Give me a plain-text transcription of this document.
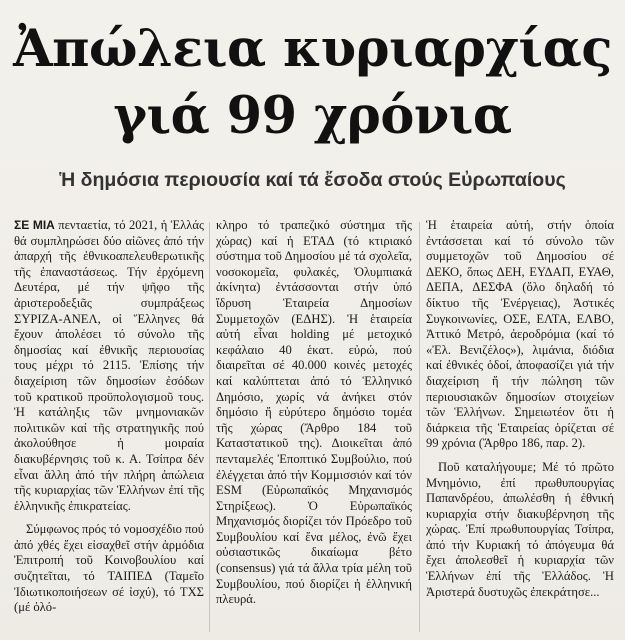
Ἀπώλεια κυριαρχίας
γιά 99 χρόνια
Ἡ δημόσια περιουσία καί τά ἔσοδα στούς Εὐρωπαίους

ΣΕ ΜΙΑ πενταετία, τό 2021, ἡ Ἑλλάς θά συμπληρώσει δύο αἰῶνες ἀπό τήν ἀπαρχή τῆς ἐθνικοαπελευθερωτικῆς τῆς ἐπαναστάσεως. Τήν ἐρχόμενη Δευτέρα, μέ τήν ψῆφο τῆς ἀριστεροδεξιᾶς συμπράξεως ΣΥΡΙΖΑ-ΑΝΕΛ, οἱ Ἕλληνες θά ἔχουν ἀπολέσει τό σύνολο τῆς δημοσίας καί ἐθνικῆς περιουσίας τους μέχρι τό 2115. Ἐπίσης τήν διαχείριση τῶν δημοσίων ἐσόδων τοῦ κρατικοῦ προϋπολογισμοῦ τους. Ἡ κατάληξις τῶν μνημονιακῶν πολιτικῶν καί τῆς στρατηγικῆς πού ἀκολούθησε ἡ μοιραία διακυβέρνησις τοῦ κ. Α. Τσίπρα δέν εἶναι ἄλλη ἀπό τήν πλήρη ἀπώλεια τῆς κυριαρχίας τῶν Ἑλλήνων ἐπί τῆς ἑλληνικῆς ἐπικρατείας.

Σύμφωνος πρός τό νομοσχέδιο πού ἀπό χθές ἔχει εἰσαχθεῖ στήν ἁρμόδια Ἐπιτροπή τοῦ Κοινοβουλίου καί συζητεῖται, τό ΤΑΙΠΕΔ (Ταμεῖο Ἰδιωτικοποιήσεων σέ ἰσχύ), τό ΤΧΣ (μέ ὁλό-

κληρο τό τραπεζικό σύστημα τῆς χώρας) καί ἡ ΕΤΑΔ (τό κτιριακό σύστημα τοῦ Δημοσίου μέ τά σχολεῖα, νοσοκομεῖα, φυλακές, Ὀλυμπιακά ἀκίνητα) ἐντάσσονται στήν ὑπό ἵδρυση Ἑταιρεία Δημοσίων Συμμετοχῶν (ΕΔΗΣ). Ἡ ἑταιρεία αὐτή εἶναι holding μέ μετοχικό κεφάλαιο 40 ἑκατ. εὐρώ, πού διαιρεῖται σέ 40.000 κοινές μετοχές καί καλύπτεται ἀπό τό Ἑλληνικό Δημόσιο, χωρίς νά ἀνήκει στόν δημόσιο ἤ εὐρύτερο δημόσιο τομέα τῆς χώρας (Ἄρθρο 184 τοῦ Καταστατικοῦ της). Διοικεῖται ἀπό πενταμελές Ἐποπτικό Συμβούλιο, πού ἐλέγχεται ἀπό τήν Κομμισσιόν καί τόν ESM (Εὐρωπαϊκός Μηχανισμός Στηρίξεως). Ὁ Εὐρωπαϊκός Μηχανισμός διορίζει τόν Πρόεδρο τοῦ Συμβουλίου καί ἕνα μέλος, ἐνῶ ἔχει οὐσιαστικῶς δικαίωμα βέτο (consensus) γιά τά ἄλλα τρία μέλη τοῦ Συμβουλίου, πού διορίζει ἡ ἑλληνική πλευρά.

Ἡ ἑταιρεία αὐτή, στήν ὁποία ἐντάσσεται καί τό σύνολο τῶν συμμετοχῶν τοῦ Δημοσίου σέ ΔΕΚΟ, ὅπως ΔΕΗ, ΕΥΔΑΠ, ΕΥΑΘ, ΔΕΠΑ, ΔΕΣΦΑ (ὅλο δηλαδή τό δίκτυο τῆς Ἐνέργειας), Ἀστικές Συγκοινωνίες, ΟΣΕ, ΕΛΤΑ, ΕΛΒΟ, Ἀττικό Μετρό, ἀεροδρόμια (καί τό «Ἐλ. Βενιζέλος»), λιμάνια, διόδια καί ἐθνικές ὁδοί, ἀποφασίζει γιά τήν διαχείριση ἤ τήν πώληση τῶν περιουσιακῶν δημοσίων στοιχείων τῶν Ἑλλήνων. Σημειωτέον ὅτι ἡ διάρκεια τῆς Ἑταιρείας ὁρίζεται σέ 99 χρόνια (Ἄρθρο 186, παρ. 2).

Ποῦ καταλήγουμε; Μέ τό πρῶτο Μνημόνιο, ἐπί πρωθυπουργίας Παπανδρέου, ἀπωλέσθη ἡ ἐθνική κυριαρχία στήν διακυβέρνηση τῆς χώρας. Ἐπί πρωθυπουργίας Τσίπρα, ἀπό τήν Κυριακή τό ἀπόγευμα θά ἔχει ἀπολεσθεῖ ἡ κυριαρχία τῶν Ἑλλήνων ἐπί τῆς Ἑλλάδος. Ἡ Ἀριστερά δυστυχῶς ἐπεκράτησε...
